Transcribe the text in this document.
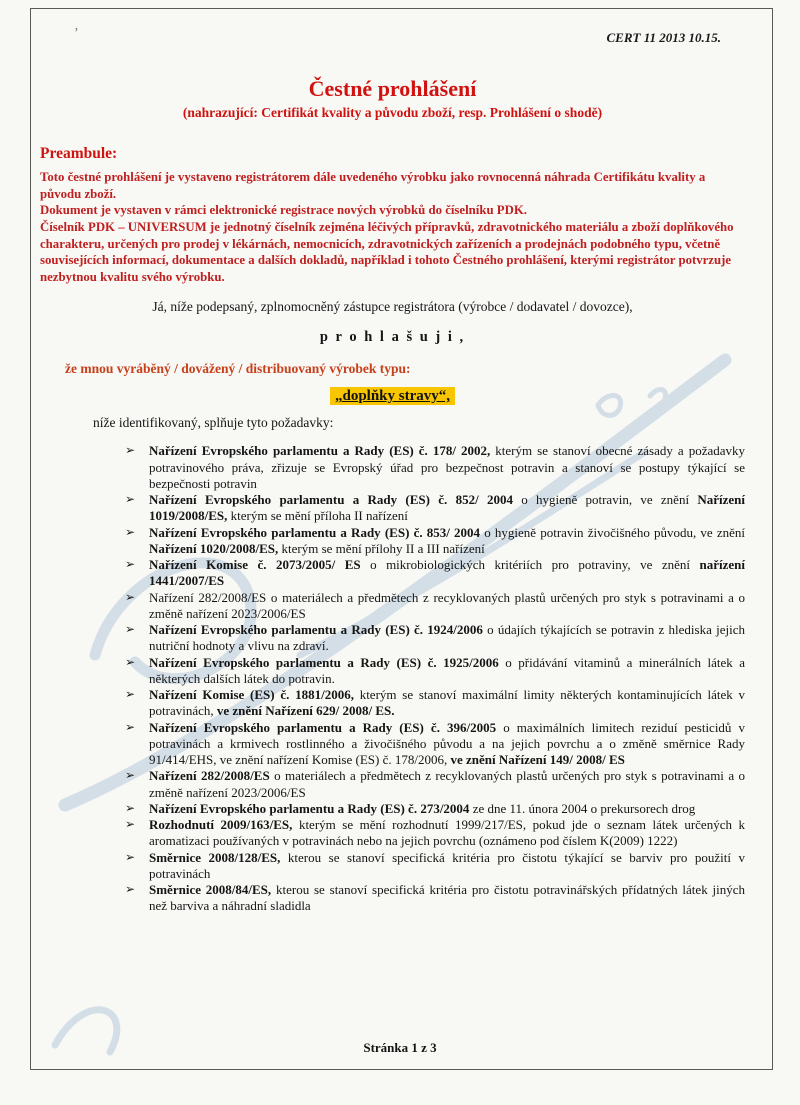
’	CERT 11 2013 10.15.
Čestné prohlášení
(nahrazující: Certifikát kvality a původu zboží, resp. Prohlášení o shodě)
Preambule:

Toto čestné prohlášení je vystaveno registrátorem dále uvedeného výrobku jako rovnocenná náhrada Certifikátu kvality a původu zboží.

Dokument je vystaven v rámci elektronické registrace nových výrobků do číselníku PDK.

Číselník PDK – UNIVERSUM je jednotný číselník zejména léčivých přípravků, zdravotnického materiálu a zboží doplňkového charakteru, určených pro prodej v lékárnách, nemocnicích, zdravotnických zařízeních a prodejnách podobného typu, včetně souvisejících informací, dokumentace a dalších dokladů, například i tohoto Čestného prohlášení, kterými registrátor potvrzuje nezbytnou kvalitu svého výrobku.

Já, níže podepsaný, zplnomocněný zástupce registrátora (výrobce / dodavatel / dovozce),

p r o h l a š u j i ,

že mnou vyráběný / dovážený / distribuovaný výrobek typu:

„doplňky stravy“,

níže identifikovaný, splňuje tyto požadavky:

➢ Nařízení Evropského parlamentu a Rady (ES) č. 178/ 2002, kterým se stanoví obecné zásady a požadavky potravinového práva, zřizuje se Evropský úřad pro bezpečnost potravin a stanoví se postupy týkající se bezpečnosti potravin
➢ Nařízení Evropského parlamentu a Rady (ES) č. 852/ 2004 o hygieně potravin, ve znění Nařízení 1019/2008/ES, kterým se mění příloha II nařízení
➢ Nařízení Evropského parlamentu a Rady (ES) č. 853/ 2004 o hygieně potravin živočišného původu, ve znění Nařízení 1020/2008/ES, kterým se mění přílohy II a III nařízení
➢ Nařízení Komise č. 2073/2005/ ES o mikrobiologických kritériích pro potraviny, ve znění nařízení 1441/2007/ES
➢ Nařízení 282/2008/ES o materiálech a předmětech z recyklovaných plastů určených pro styk s potravinami a o změně nařízení 2023/2006/ES
➢ Nařízení Evropského parlamentu a Rady (ES) č. 1924/2006 o údajích týkajících se potravin z hlediska jejich nutriční hodnoty a vlivu na zdraví.
➢ Nařízení Evropského parlamentu a Rady (ES) č. 1925/2006 o přidávání vitaminů a minerálních látek a některých dalších látek do potravin.
➢ Nařízení Komise (ES) č. 1881/2006, kterým se stanoví maximální limity některých kontaminujících látek v potravinách, ve znění Nařízení 629/ 2008/ ES.
➢ Nařízení Evropského parlamentu a Rady (ES) č. 396/2005 o maximálních limitech reziduí pesticidů v potravinách a krmivech rostlinného a živočišného původu a na jejich povrchu a o změně směrnice Rady 91/414/EHS, ve znění nařízení Komise (ES) č. 178/2006, ve znění Nařízení 149/ 2008/ ES
➢ Nařízení 282/2008/ES o materiálech a předmětech z recyklovaných plastů určených pro styk s potravinami a o změně nařízení 2023/2006/ES
➢ Nařízení Evropského parlamentu a Rady (ES) č. 273/2004 ze dne 11. února 2004 o prekursorech drog
➢ Rozhodnutí 2009/163/ES, kterým se mění rozhodnutí 1999/217/ES, pokud jde o seznam látek určených k aromatizaci používaných v potravinách nebo na jejich povrchu (oznámeno pod číslem K(2009) 1222)
➢ Směrnice 2008/128/ES, kterou se stanoví specifická kritéria pro čistotu týkající se barviv pro použití v potravinách
➢ Směrnice 2008/84/ES, kterou se stanoví specifická kritéria pro čistotu potravinářských přídatných látek jiných než barviva a náhradní sladidla
Stránka 1 z 3
